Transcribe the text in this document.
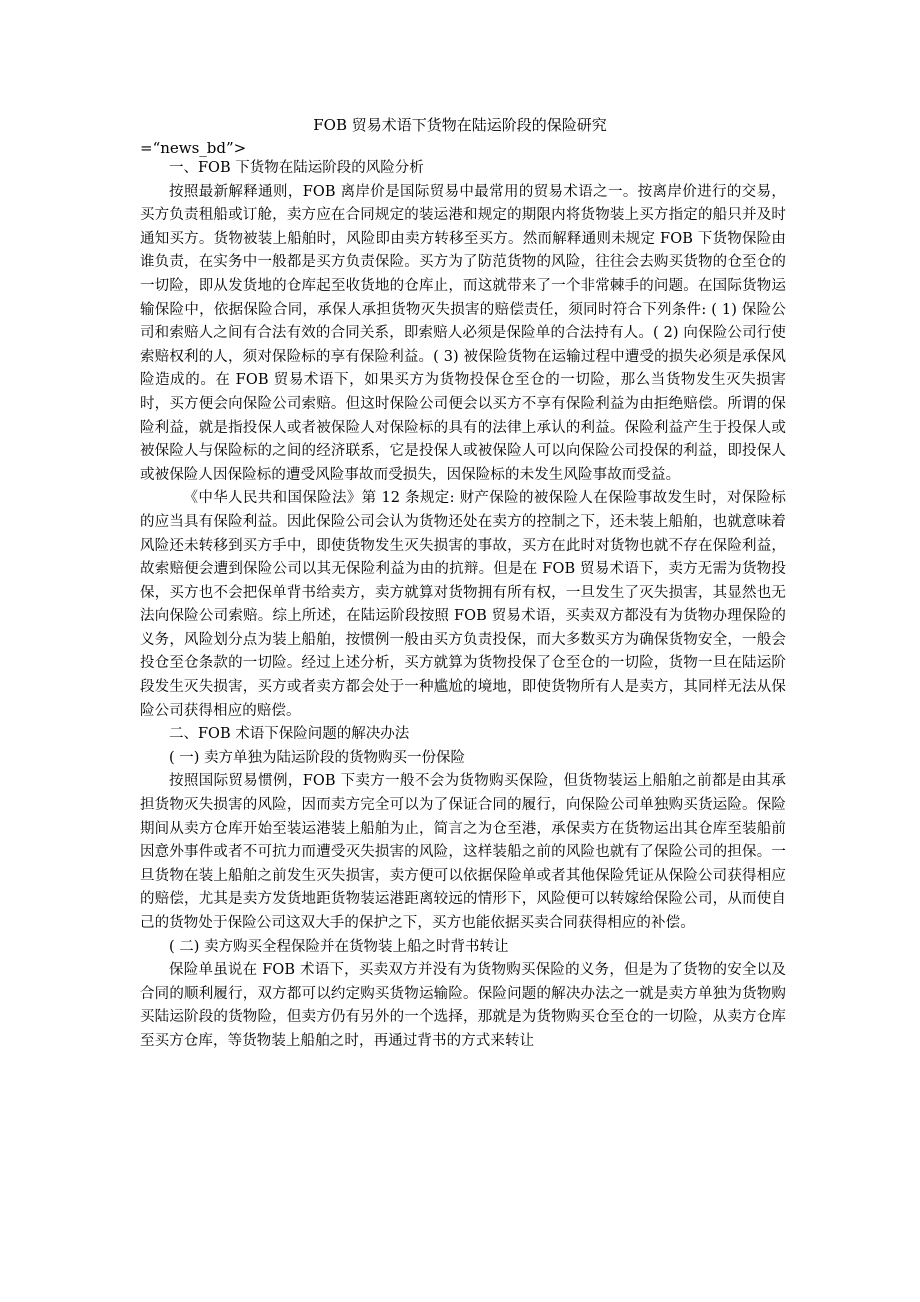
FOB 贸易术语下货物在陆运阶段的保险研究
=“news_bd”>

一、FOB 下货物在陆运阶段的风险分析

按照最新解释通则，FOB 离岸价是国际贸易中最常用的贸易术语之一。按离岸价进行的交易，买方负责租船或订舱，卖方应在合同规定的装运港和规定的期限内将货物装上买方指定的船只并及时通知买方。货物被装上船舶时，风险即由卖方转移至买方。然而解释通则未规定 FOB 下货物保险由谁负责，在实务中一般都是买方负责保险。买方为了防范货物的风险，往往会去购买货物的仓至仓的一切险，即从发货地的仓库起至收货地的仓库止，而这就带来了一个非常棘手的问题。在国际货物运输保险中，依据保险合同，承保人承担货物灭失损害的赔偿责任，须同时符合下列条件: ( 1) 保险公司和索赔人之间有合法有效的合同关系，即索赔人必须是保险单的合法持有人。( 2) 向保险公司行使索赔权利的人，须对保险标的享有保险利益。( 3) 被保险货物在运输过程中遭受的损失必须是承保风险造成的。在 FOB 贸易术语下，如果买方为货物投保仓至仓的一切险，那么当货物发生灭失损害时，买方便会向保险公司索赔。但这时保险公司便会以买方不享有保险利益为由拒绝赔偿。所谓的保险利益，就是指投保人或者被保险人对保险标的具有的法律上承认的利益。保险利益产生于投保人或被保险人与保险标的之间的经济联系，它是投保人或被保险人可以向保险公司投保的利益，即投保人或被保险人因保险标的遭受风险事故而受损失，因保险标的未发生风险事故而受益。

《中华人民共和国保险法》第 12 条规定: 财产保险的被保险人在保险事故发生时，对保险标的应当具有保险利益。因此保险公司会认为货物还处在卖方的控制之下，还未装上船舶，也就意味着风险还未转移到买方手中，即使货物发生灭失损害的事故，买方在此时对货物也就不存在保险利益，故索赔便会遭到保险公司以其无保险利益为由的抗辩。但是在 FOB 贸易术语下，卖方无需为货物投保，买方也不会把保单背书给卖方，卖方就算对货物拥有所有权，一旦发生了灭失损害，其显然也无法向保险公司索赔。综上所述，在陆运阶段按照 FOB 贸易术语，买卖双方都没有为货物办理保险的义务，风险划分点为装上船舶，按惯例一般由买方负责投保，而大多数买方为确保货物安全，一般会投仓至仓条款的一切险。经过上述分析，买方就算为货物投保了仓至仓的一切险，货物一旦在陆运阶段发生灭失损害，买方或者卖方都会处于一种尴尬的境地，即使货物所有人是卖方，其同样无法从保险公司获得相应的赔偿。

二、FOB 术语下保险问题的解决办法

( 一) 卖方单独为陆运阶段的货物购买一份保险

按照国际贸易惯例，FOB 下卖方一般不会为货物购买保险，但货物装运上船舶之前都是由其承担货物灭失损害的风险，因而卖方完全可以为了保证合同的履行，向保险公司单独购买货运险。保险期间从卖方仓库开始至装运港装上船舶为止，简言之为仓至港，承保卖方在货物运出其仓库至装船前因意外事件或者不可抗力而遭受灭失损害的风险，这样装船之前的风险也就有了保险公司的担保。一旦货物在装上船舶之前发生灭失损害，卖方便可以依据保险单或者其他保险凭证从保险公司获得相应的赔偿，尤其是卖方发货地距货物装运港距离较远的情形下，风险便可以转嫁给保险公司，从而使自己的货物处于保险公司这双大手的保护之下，买方也能依据买卖合同获得相应的补偿。

( 二) 卖方购买全程保险并在货物装上船之时背书转让

保险单虽说在 FOB 术语下，买卖双方并没有为货物购买保险的义务，但是为了货物的安全以及合同的顺利履行，双方都可以约定购买货物运输险。保险问题的解决办法之一就是卖方单独为货物购买陆运阶段的货物险，但卖方仍有另外的一个选择，那就是为货物购买仓至仓的一切险，从卖方仓库至买方仓库，等货物装上船舶之时，再通过背书的方式来转让
